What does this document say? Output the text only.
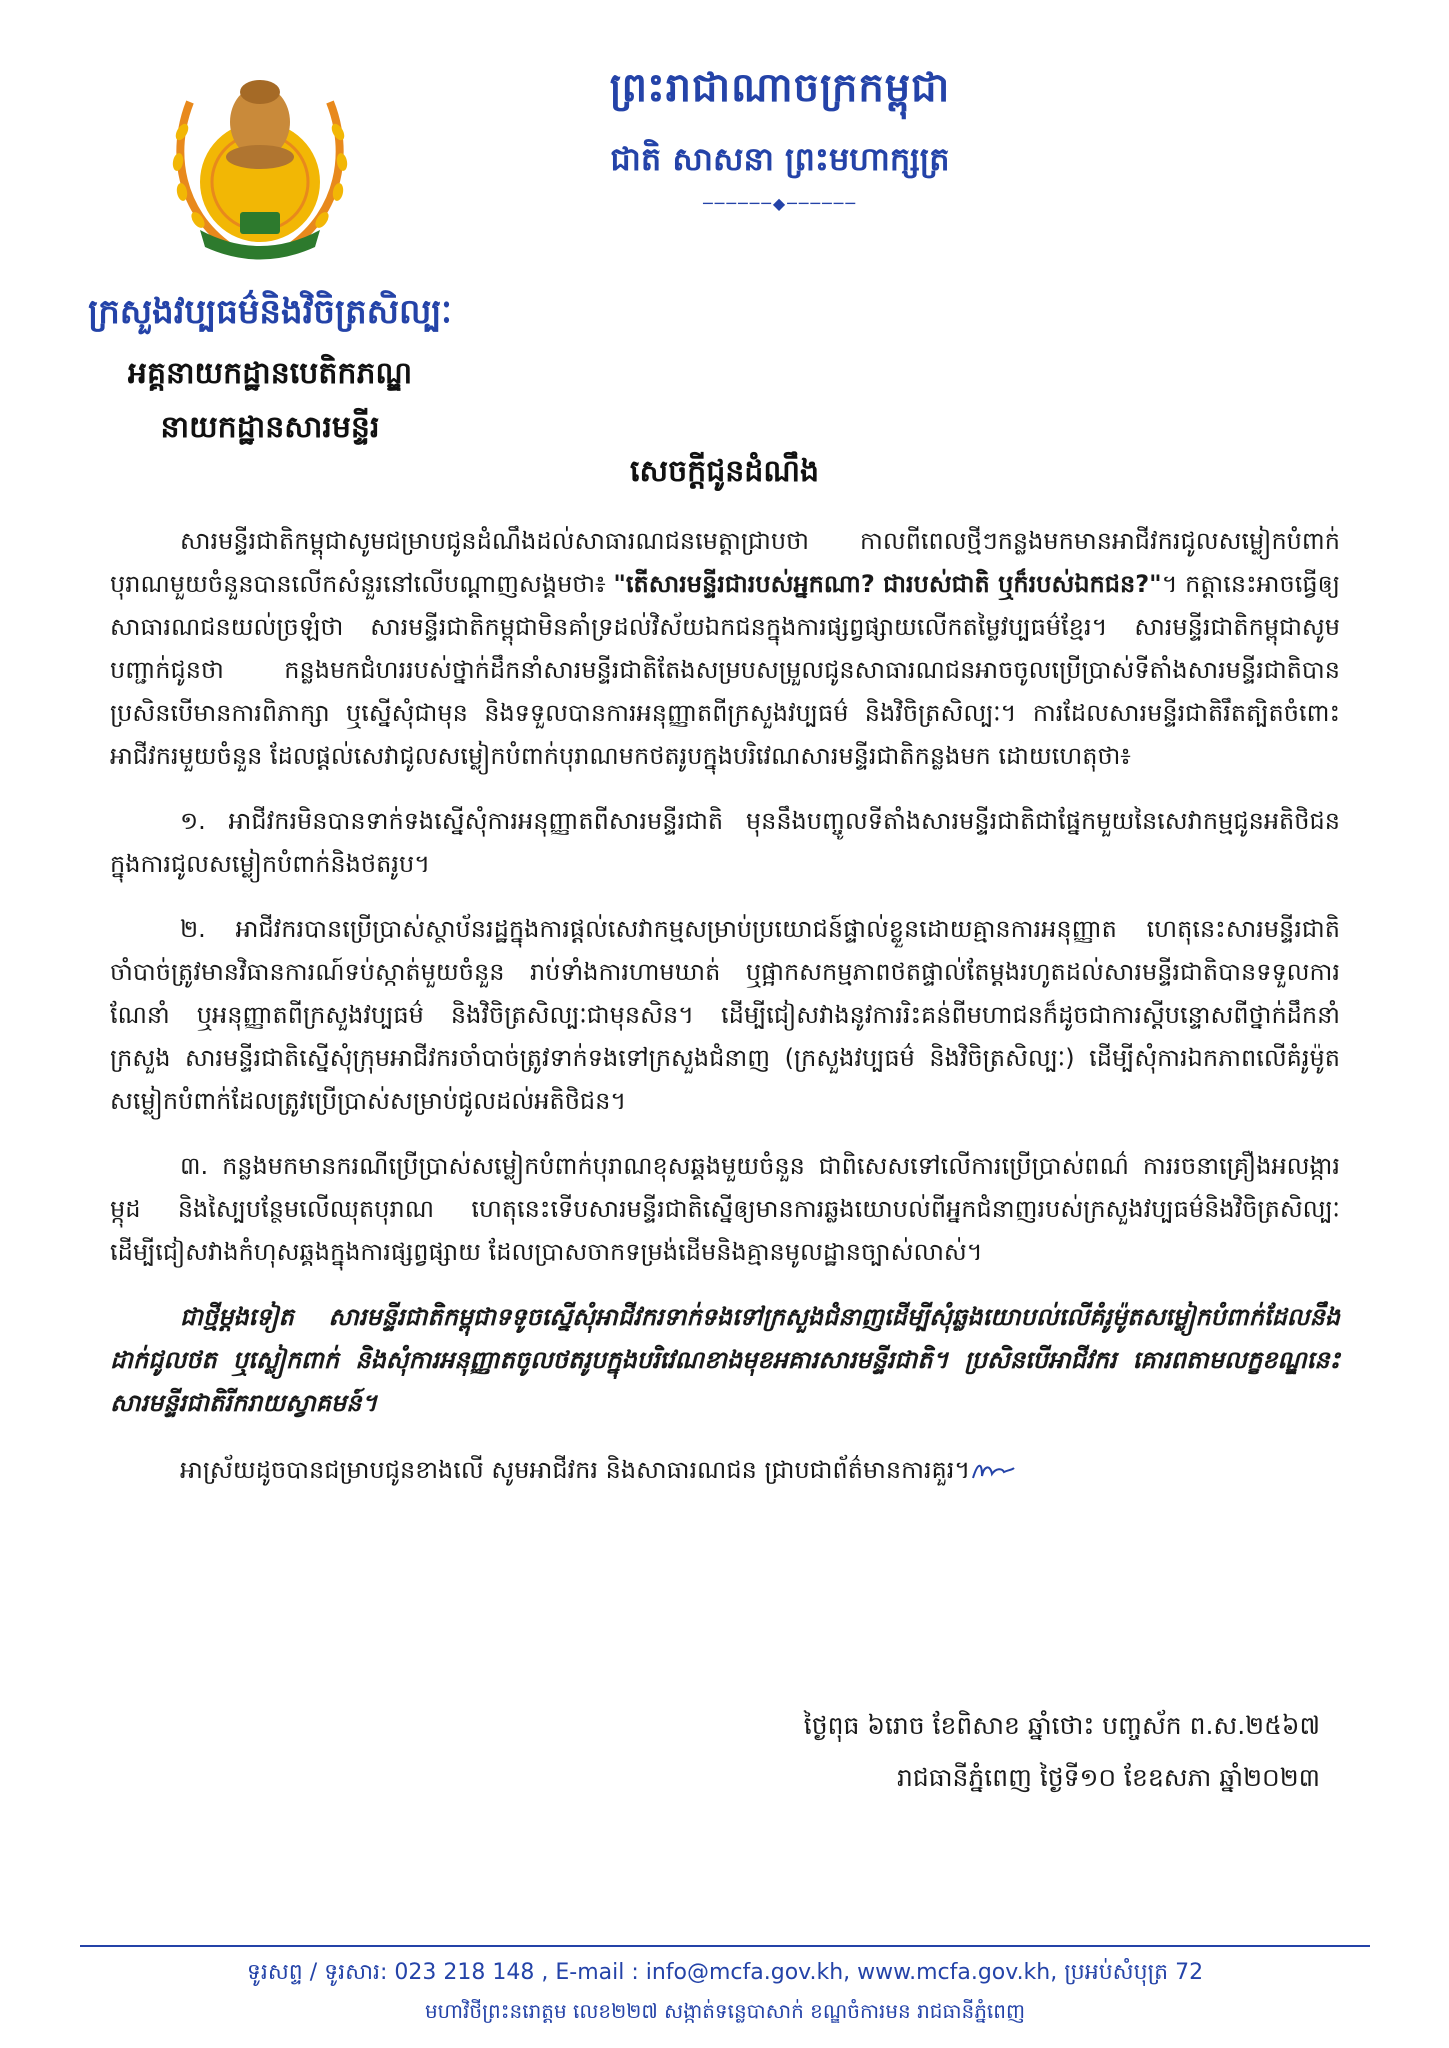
ព្រះរាជាណាចក្រកម្ពុជា
ជាតិ សាសនា ព្រះមហាក្សត្រ
──────◆──────
ក្រសួងវប្បធម៌និងវិចិត្រសិល្បៈ
អគ្គនាយកដ្ឋានបេតិកភណ្ឌ
នាយកដ្ឋានសារមន្ទីរ
សេចក្តីជូនដំណឹង

សារមន្ទីរជាតិកម្ពុជាសូមជម្រាបជូនដំណឹងដល់សាធារណជនមេត្តាជ្រាបថា កាលពីពេលថ្មីៗកន្លងមកមានអាជីវករជូលសម្លៀកបំពាក់បុរាណមួយចំនួនបានលើកសំនួរនៅលើបណ្តាញសង្គមថា៖ "តើសារមន្ទីរជារបស់អ្នកណា? ជារបស់ជាតិ ឬក៏របស់ឯកជន?"។ កត្តានេះអាចធ្វើឲ្យសាធារណជនយល់ច្រឡំថា សារមន្ទីរជាតិកម្ពុជាមិនគាំទ្រដល់វិស័យឯកជនក្នុងការផ្សព្វផ្សាយលើកតម្លៃវប្បធម៌ខ្មែរ។ សារមន្ទីរជាតិកម្ពុជាសូមបញ្ជាក់ជូនថា កន្លងមកជំហររបស់ថ្នាក់ដឹកនាំសារមន្ទីរជាតិតែងសម្របសម្រួលជូនសាធារណជនអាចចូលប្រើប្រាស់ទីតាំងសារមន្ទីរជាតិបាន ប្រសិនបើមានការពិភាក្សា ឬស្នើសុំជាមុន និងទទួលបានការអនុញ្ញាតពីក្រសួងវប្បធម៌ និងវិចិត្រសិល្បៈ។ ការដែលសារមន្ទីរជាតិរឹតត្បិតចំពោះអាជីវករមួយចំនួន ដែលផ្តល់សេវាជូលសម្លៀកបំពាក់បុរាណមកថតរូបក្នុងបរិវេណសារមន្ទីរជាតិកន្លងមក ដោយហេតុថា៖

១. អាជីវករមិនបានទាក់ទងស្នើសុំការអនុញ្ញាតពីសារមន្ទីរជាតិ មុននឹងបញ្ចូលទីតាំងសារមន្ទីរជាតិជាផ្នែកមួយនៃសេវាកម្មជូនអតិថិជនក្នុងការជូលសម្លៀកបំពាក់និងថតរូប។

២. អាជីវករបានប្រើប្រាស់ស្ថាប័នរដ្ឋក្នុងការផ្តល់សេវាកម្មសម្រាប់ប្រយោជន៍ផ្ទាល់ខ្លួនដោយគ្មានការអនុញ្ញាត ហេតុនេះសារមន្ទីរជាតិចាំបាច់ត្រូវមានវិធានការណ៍ទប់ស្កាត់មួយចំនួន រាប់ទាំងការហាមឃាត់ ឬផ្អាកសកម្មភាពថតផ្ទាល់តែម្តងរហូតដល់សារមន្ទីរជាតិបានទទួលការណែនាំ ឬអនុញ្ញាតពីក្រសួងវប្បធម៌ និងវិចិត្រសិល្បៈជាមុនសិន។ ដើម្បីជៀសវាងនូវការរិះគន់ពីមហាជនក៏ដូចជាការស្តីបន្ទោសពីថ្នាក់ដឹកនាំក្រសួង សារមន្ទីរជាតិស្នើសុំក្រុមអាជីវករចាំបាច់ត្រូវទាក់ទងទៅក្រសួងជំនាញ (ក្រសួងវប្បធម៌ និងវិចិត្រសិល្បៈ) ដើម្បីសុំការឯកភាពលើគំរូម៉ូតសម្លៀកបំពាក់ដែលត្រូវប្រើប្រាស់សម្រាប់ជូលដល់អតិថិជន។

៣. កន្លងមកមានករណីប្រើប្រាស់សម្លៀកបំពាក់បុរាណខុសឆ្គងមួយចំនួន ជាពិសេសទៅលើការប្រើប្រាស់ពណ៌ ការរចនាគ្រឿងអលង្ការ ម្កុដ និងស្បៃបន្ថែមលើឈុតបុរាណ ហេតុនេះទើបសារមន្ទីរជាតិស្នើឲ្យមានការឆ្លងយោបល់ពីអ្នកជំនាញរបស់ក្រសួងវប្បធម៌និងវិចិត្រសិល្បៈ ដើម្បីជៀសវាងកំហុសឆ្គងក្នុងការផ្សព្វផ្សាយ ដែលប្រាសចាកទម្រង់ដើមនិងគ្មានមូលដ្ឋានច្បាស់លាស់។

ជាថ្មីម្តងទៀត សារមន្ទីរជាតិកម្ពុជាទទូចស្នើសុំអាជីវករទាក់ទងទៅក្រសួងជំនាញដើម្បីសុំឆ្លងយោបល់លើគំរូម៉ូតសម្លៀកបំពាក់ដែលនឹងដាក់ជូលថត ឬស្លៀកពាក់ និងសុំការអនុញ្ញាតចូលថតរូបក្នុងបរិវេណខាងមុខអគារសារមន្ទីរជាតិ។ ប្រសិនបើអាជីវករ គោរពតាមលក្ខខណ្ឌនេះ សារមន្ទីរជាតិរីករាយស្វាគមន៍។

អាស្រ័យដូចបានជម្រាបជូនខាងលើ សូមអាជីវករ និងសាធារណជន ជ្រាបជាព័ត៌មានការគួរ។

ថ្ងៃពុធ ៦រោច ខែពិសាខ ឆ្នាំថោះ បញ្ចស័ក ព.ស.២៥៦៧
រាជធានីភ្នំពេញ ថ្ងៃទី១០ ខែឧសភា ឆ្នាំ២០២៣
ទូរសព្ទ / ទូរសារ: 023 218 148 , E-mail : info@mcfa.gov.kh, www.mcfa.gov.kh, ប្រអប់សំបុត្រ 72
មហាវិថីព្រះនរោត្តម លេខ២២៧ សង្កាត់ទន្លេបាសាក់ ខណ្ឌចំការមន រាជធានីភ្នំពេញ
